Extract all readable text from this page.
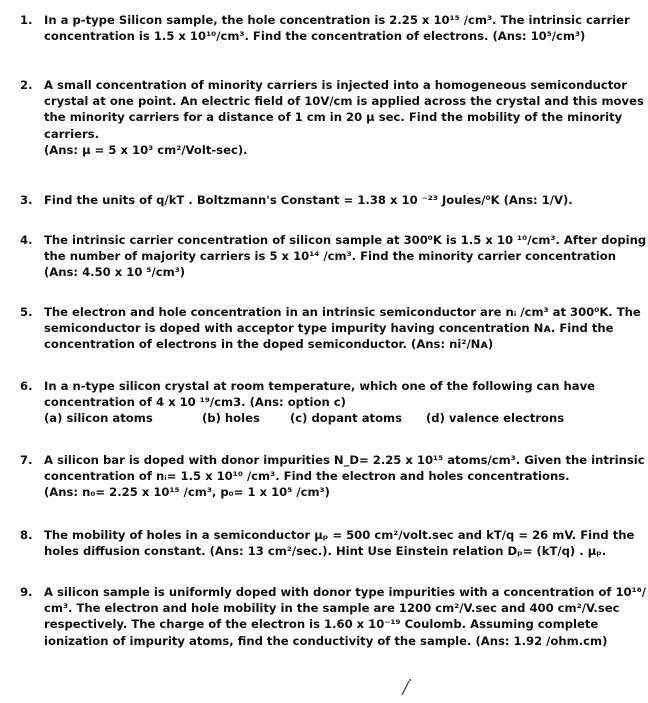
1. In a p-type Silicon sample, the hole concentration is 2.25 x 10¹⁵ /cm³. The intrinsic carrier
concentration is 1.5 x 10¹⁰/cm³. Find the concentration of electrons. (Ans: 10⁵/cm³)
2. A small concentration of minority carriers is injected into a homogeneous semiconductor
crystal at one point. An electric field of 10V/cm is applied across the crystal and this moves
the minority carriers for a distance of 1 cm in 20 μ sec. Find the mobility of the minority
carriers.
(Ans: μ = 5 x 10³ cm²/Volt-sec).
3. Find the units of q/kT . Boltzmann's Constant = 1.38 x 10 ⁻²³ Joules/⁰K (Ans: 1/V).
4. The intrinsic carrier concentration of silicon sample at 300⁰K is 1.5 x 10 ¹⁰/cm³. After doping
the number of majority carriers is 5 x 10¹⁴ /cm³. Find the minority carrier concentration
(Ans: 4.50 x 10 ⁵/cm³)
5. The electron and hole concentration in an intrinsic semiconductor are nᵢ /cm³ at 300⁰K. The
semiconductor is doped with acceptor type impurity having concentration Nᴀ. Find the
concentration of electrons in the doped semiconductor. (Ans: ni²/Nᴀ)
6. In a n-type silicon crystal at room temperature, which one of the following can have
concentration of 4 x 10 ¹⁹/cm3. (Ans: option c)
(a) silicon atoms	(b) holes	(c) dopant atoms (d) valence electrons
7. A silicon bar is doped with donor impurities N_D= 2.25 x 10¹⁵ atoms/cm³. Given the intrinsic
concentration of nᵢ= 1.5 x 10¹⁰ /cm³. Find the electron and holes concentrations.
(Ans: n₀= 2.25 x 10¹⁵ /cm³, p₀= 1 x 10⁵ /cm³)
8. The mobility of holes in a semiconductor μₚ = 500 cm²/volt.sec and kT/q = 26 mV. Find the
holes diffusion constant. (Ans: 13 cm²/sec.). Hint Use Einstein relation Dₚ= (kT/q) . μₚ.
9. A silicon sample is uniformly doped with donor type impurities with a concentration of 10¹⁶/
cm³. The electron and hole mobility in the sample are 1200 cm²/V.sec and 400 cm²/V.sec
respectively. The charge of the electron is 1.60 x 10⁻¹⁹ Coulomb. Assuming complete
ionization of impurity atoms, find the conductivity of the sample. (Ans: 1.92 /ohm.cm)
